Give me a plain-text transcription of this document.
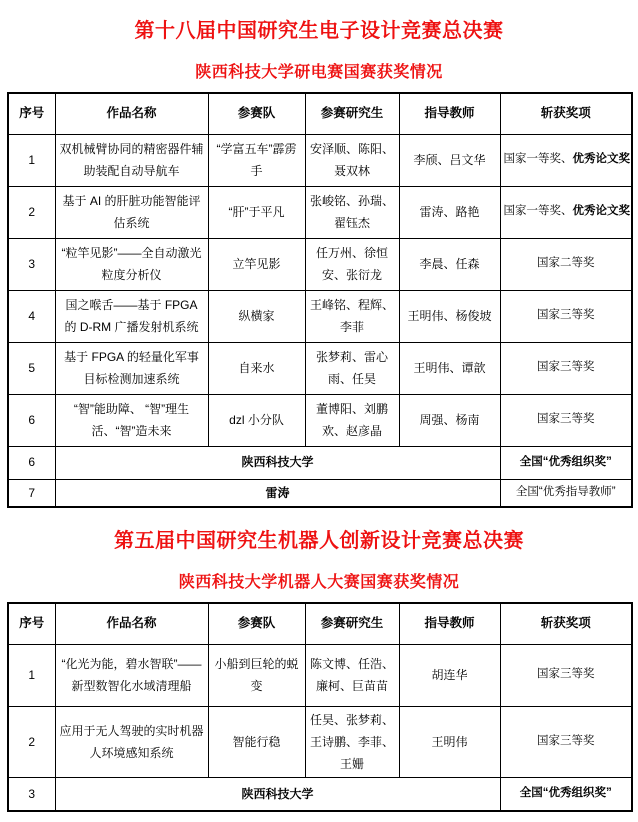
第十八届中国研究生电子设计竞赛总决赛
陕西科技大学研电赛国赛获奖情况
序号	作品名称	参赛队	参赛研究生	指导教师	斩获奖项
1	双机械臂协同的精密器件辅助装配自动导航车	“学富五车”霹雳手	安泽顺、陈阳、聂双林	李颀、吕文华	国家一等奖、优秀论文奖
2	基于 AI 的肝脏功能智能评估系统	“肝”于平凡	张峻铭、孙瑞、翟钰杰	雷涛、路艳	国家一等奖、优秀论文奖
3	“粒竿见影”——全自动激光粒度分析仪	立竿见影	任万州、徐恒安、张衍龙	李晨、任森	国家二等奖
4	国之喉舌——基于 FPGA 的 D-RM 广播发射机系统	纵横家	王峰铭、程辉、李菲	王明伟、杨俊坡	国家三等奖
5	基于 FPGA 的轻量化军事目标检测加速系统	自来水	张梦莉、雷心雨、任昊	王明伟、谭歆	国家三等奖
6	“智”能助障、 “智”理生活、“智”造未来	dzl 小分队	董博阳、刘鹏欢、赵彦晶	周强、杨南	国家三等奖
6	陕西科技大学				全国“优秀组织奖”
7	雷涛				全国“优秀指导教师”
第五届中国研究生机器人创新设计竞赛总决赛
陕西科技大学机器人大赛国赛获奖情况
序号	作品名称	参赛队	参赛研究生	指导教师	斩获奖项
1	“化光为能，碧水智联”——新型数智化水域清理船	小船到巨轮的蜕变	陈文博、任浩、廉柯、巨苗苗	胡连华	国家三等奖
2	应用于无人驾驶的实时机器人环境感知系统	智能行稳	任昊、张梦莉、王诗鹏、李菲、王姗	王明伟	国家三等奖
3	陕西科技大学				全国“优秀组织奖”
